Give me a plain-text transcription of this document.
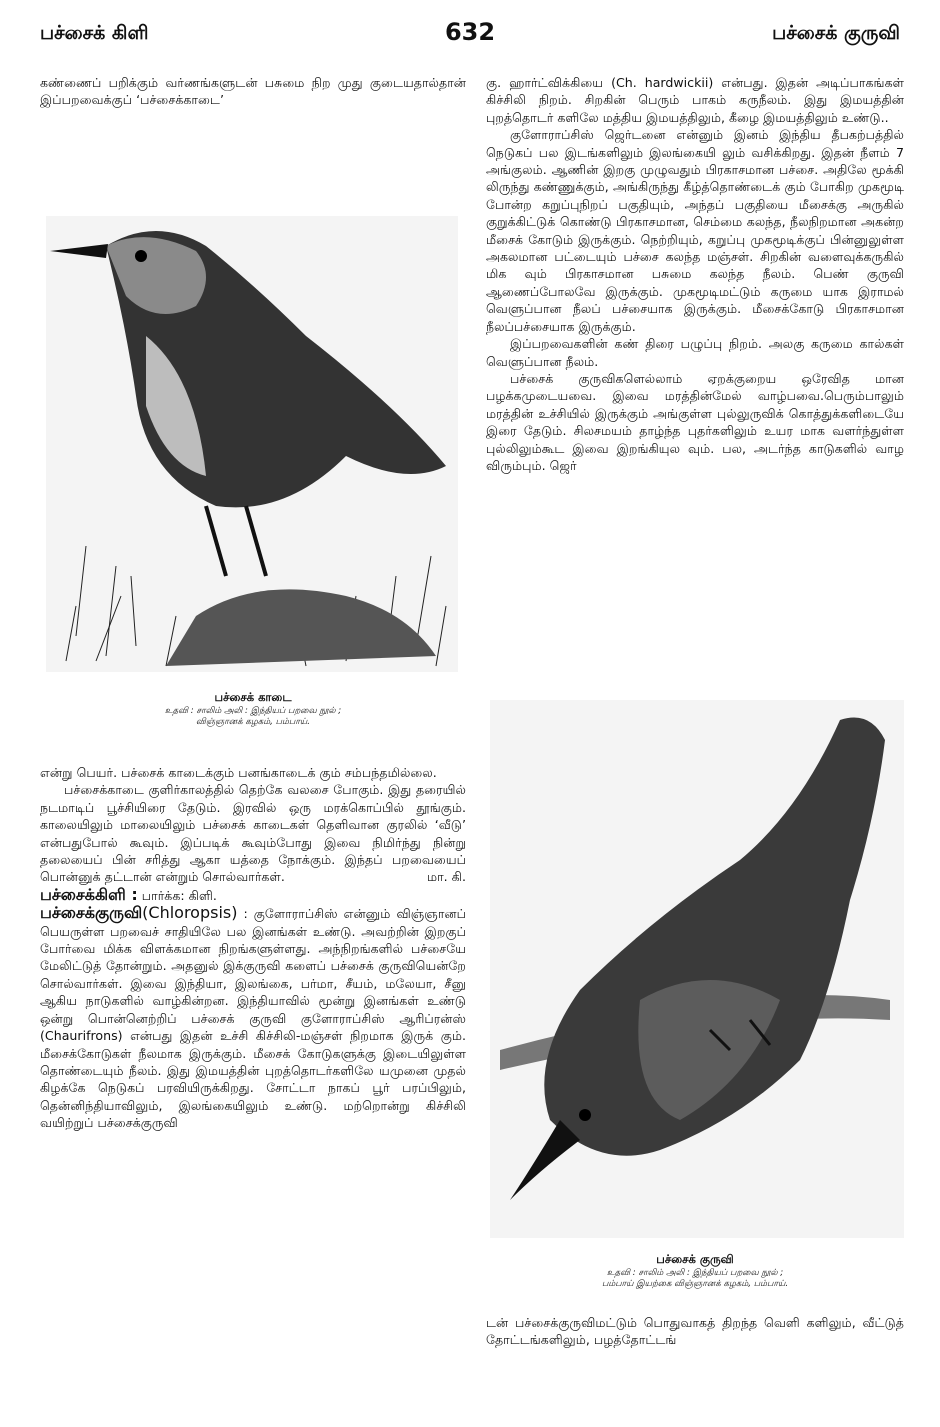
பச்சைக் கிளி	632	பச்சைக் குருவி

கண்ணைப் பறிக்கும் வர்ணங்களுடன் பசுமை நிற முது குடையதால்தான் இப்பறவைக்குப் ‘பச்சைக்காடை’

பச்சைக் காடை
உதவி : சாலிம் அலி : இந்தியப் பறவை நூல் ;
விஞ்ஞானக் கழகம், பம்பாய்.

என்று பெயர். பச்சைக் காடைக்கும் பனங்காடைக் கும் சம்பந்தமில்லை.

பச்சைக்காடை குளிர்காலத்தில் தெற்கே வலசை போகும். இது தரையில் நடமாடிப் பூச்சியிரை தேடும். இரவில் ஒரு மரக்கொப்பில் தூங்கும். காலையிலும் மாலையிலும் பச்சைக் காடைகள் தெளிவான குரலில் ‘வீடு’ என்பதுபோல் கூவும். இப்படிக் கூவும்போது இவை நிமிர்ந்து நின்று தலையைப் பின் சரித்து ஆகா யத்தை நோக்கும். இந்தப் பறவையைப் பொன்னுக் தட்டான் என்றும் சொல்வார்கள்.	மா. கி.

பச்சைக்கிளி : பார்க்க: கிளி.

பச்சைக்குருவி(Chloropsis) : குளோராப்சிஸ் என்னும் விஞ்ஞானப் பெயருள்ள பறவைச் சாதியிலே பல இனங்கள் உண்டு. அவற்றின் இறகுப் போர்வை மிக்க விளக்கமான நிறங்களுள்ளது. அந்நிறங்களில் பச்சையே மேலிட்டுத் தோன்றும். அதனுல் இக்குருவி களைப் பச்சைக் குருவியென்றே சொல்வார்கள். இவை இந்தியா, இலங்கை, பர்மா, சீயம், மலேயா, சீனு ஆகிய நாடுகளில் வாழ்கின்றன. இந்தியாவில் மூன்று இனங்கள் உண்டு ஒன்று பொன்னெற்றிப் பச்சைக் குருவி குளோராப்சிஸ் ஆரிப்ரன்ஸ் (Chaurifrons) என்பது இதன் உச்சி கிச்சிலி-மஞ்சள் நிறமாக இருக் கும். மீசைக்கோடுகள் நீலமாக இருக்கும். மீசைக் கோடுகளுக்கு இடையிலுள்ள தொண்டையும் நீலம். இது இமயத்தின் புறத்தொடர்களிலே யமுனை முதல் கிழக்கே நெடுகப் பரவியிருக்கிறது. சோட்டா நாகப் பூர் பரப்பிலும், தென்னிந்தியாவிலும், இலங்கையிலும் உண்டு. மற்றொன்று கிச்சிலி வயிற்றுப் பச்சைக்குருவி

கு. ஹார்ட்விக்கியை (Ch. hardwickii) என்பது. இதன் அடிப்பாகங்கள் கிச்சிலி நிறம். சிறகின் பெரும் பாகம் கருநீலம். இது இமயத்தின் புறத்தொடர் களிலே மத்திய இமயத்திலும், கீழை இமயத்திலும் உண்டு..

குளோராப்சிஸ் ஜெர்டனை என்னும் இனம் இந்திய தீபகற்பத்தில் நெடுகப் பல இடங்களிலும் இலங்கையி லும் வசிக்கிறது. இதன் நீளம் 7 அங்குலம். ஆணின் இறகு முழுவதும் பிரகாசமான பச்சை. அதிலே மூக்கி லிருந்து கண்ணுக்கும், அங்கிருந்து கீழ்த்தொண்டைக் கும் போகிற முகமூடி போன்ற கறுப்புநிறப் பகுதியும், அந்தப் பகுதியை மீசைக்கு அருகில் குறுக்கிட்டுக் கொண்டு பிரகாசமான, செம்மை கலந்த, நீலநிறமான அகன்ற மீசைக் கோடும் இருக்கும். நெற்றியும், கறுப்பு முகமூடிக்குப் பின்னுலுள்ள அகலமான பட்டையும் பச்சை கலந்த மஞ்சள். சிறகின் வளைவுக்கருகில் மிக வும் பிரகாசமான பசுமை கலந்த நீலம். பெண் குருவி ஆணைப்போலவே இருக்கும். முகமூடிமட்டும் கருமை யாக இராமல் வெளுப்பான நீலப் பச்சையாக இருக்கும். மீசைக்கோடு பிரகாசமான நீலப்பச்சையாக இருக்கும்.

இப்பறவைகளின் கண் திரை பழுப்பு நிறம். அலகு கருமை கால்கள் வெளுப்பான நீலம்.

பச்சைக் குருவிகளெல்லாம் ஏறக்குறைய ஒரேவித மான பழக்கமுடையவை. இவை மரத்தின்மேல் வாழ்பவை.பெரும்பாலும் மரத்தின் உச்சியில் இருக்கும் அங்குள்ள புல்லுருவிக் கொத்துக்களிடையே இரை தேடும். சிலசமயம் தாழ்ந்த புதர்களிலும் உயர மாக வளர்ந்துள்ள புல்லிலும்கூட இவை இறங்கியுல வும். பல, அடர்ந்த காடுகளில் வாழ விரும்பும். ஜெர்

பச்சைக் குருவி
உதவி : சாலிம் அலி : இந்தியப் பறவை நூல் ;
பம்பாய் இயற்கை விஞ்ஞானக் கழகம், பம்பாய்.

டன் பச்சைக்குருவிமட்டும் பொதுவாகத் திறந்த வெளி களிலும், வீட்டுத் தோட்டங்களிலும், பழத்தோட்டங்
